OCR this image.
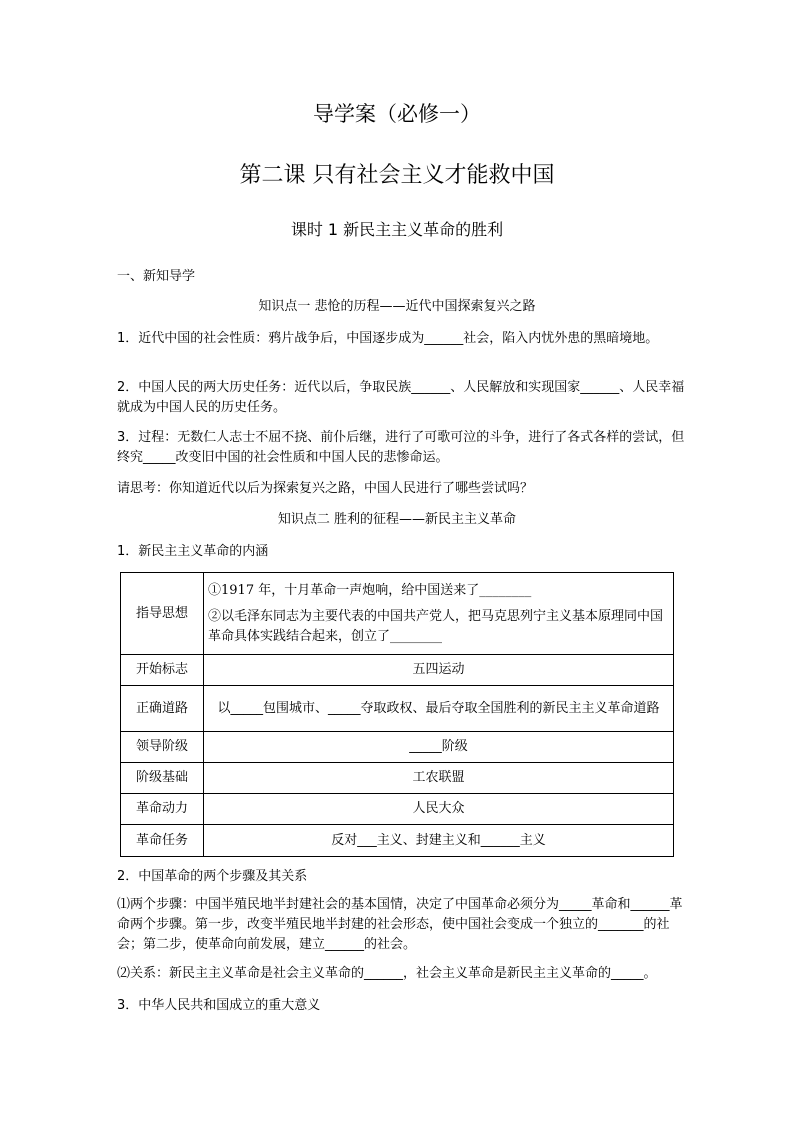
导学案（必修一）
第二课 只有社会主义才能救中国
课时 1 新民主主义革命的胜利
一、新知导学
知识点一 悲怆的历程——近代中国探索复兴之路
1．近代中国的社会性质：鸦片战争后，中国逐步成为______社会，陷入内忧外患的黑暗境地。
2．中国人民的两大历史任务：近代以后，争取民族______、人民解放和实现国家______、人民幸福就成为中国人民的历史任务。
3．过程：无数仁人志士不屈不挠、前仆后继，进行了可歌可泣的斗争，进行了各式各样的尝试，但终究_____改变旧中国的社会性质和中国人民的悲惨命运。
请思考：你知道近代以后为探索复兴之路，中国人民进行了哪些尝试吗？
知识点二 胜利的征程——新民主主义革命
1．新民主主义革命的内涵
指导思想	①1917 年，十月革命一声炮响，给中国送来了________
②以毛泽东同志为主要代表的中国共产党人，把马克思列宁主义基本原理同中国革命具体实践结合起来，创立了________

开始标志	五四运动
正确道路	以_____包围城市、_____夺取政权、最后夺取全国胜利的新民主主义革命道路
领导阶级	_____阶级
阶级基础	工农联盟
革命动力	人民大众
革命任务	反对___主义、封建主义和______主义
2．中国革命的两个步骤及其关系
⑴两个步骤：中国半殖民地半封建社会的基本国情，决定了中国革命必须分为_____革命和______革命两个步骤。第一步，改变半殖民地半封建的社会形态，使中国社会变成一个独立的_______的社会；第二步，使革命向前发展，建立______的社会。
⑵关系：新民主主义革命是社会主义革命的______，社会主义革命是新民主主义革命的_____。
3．中华人民共和国成立的重大意义
